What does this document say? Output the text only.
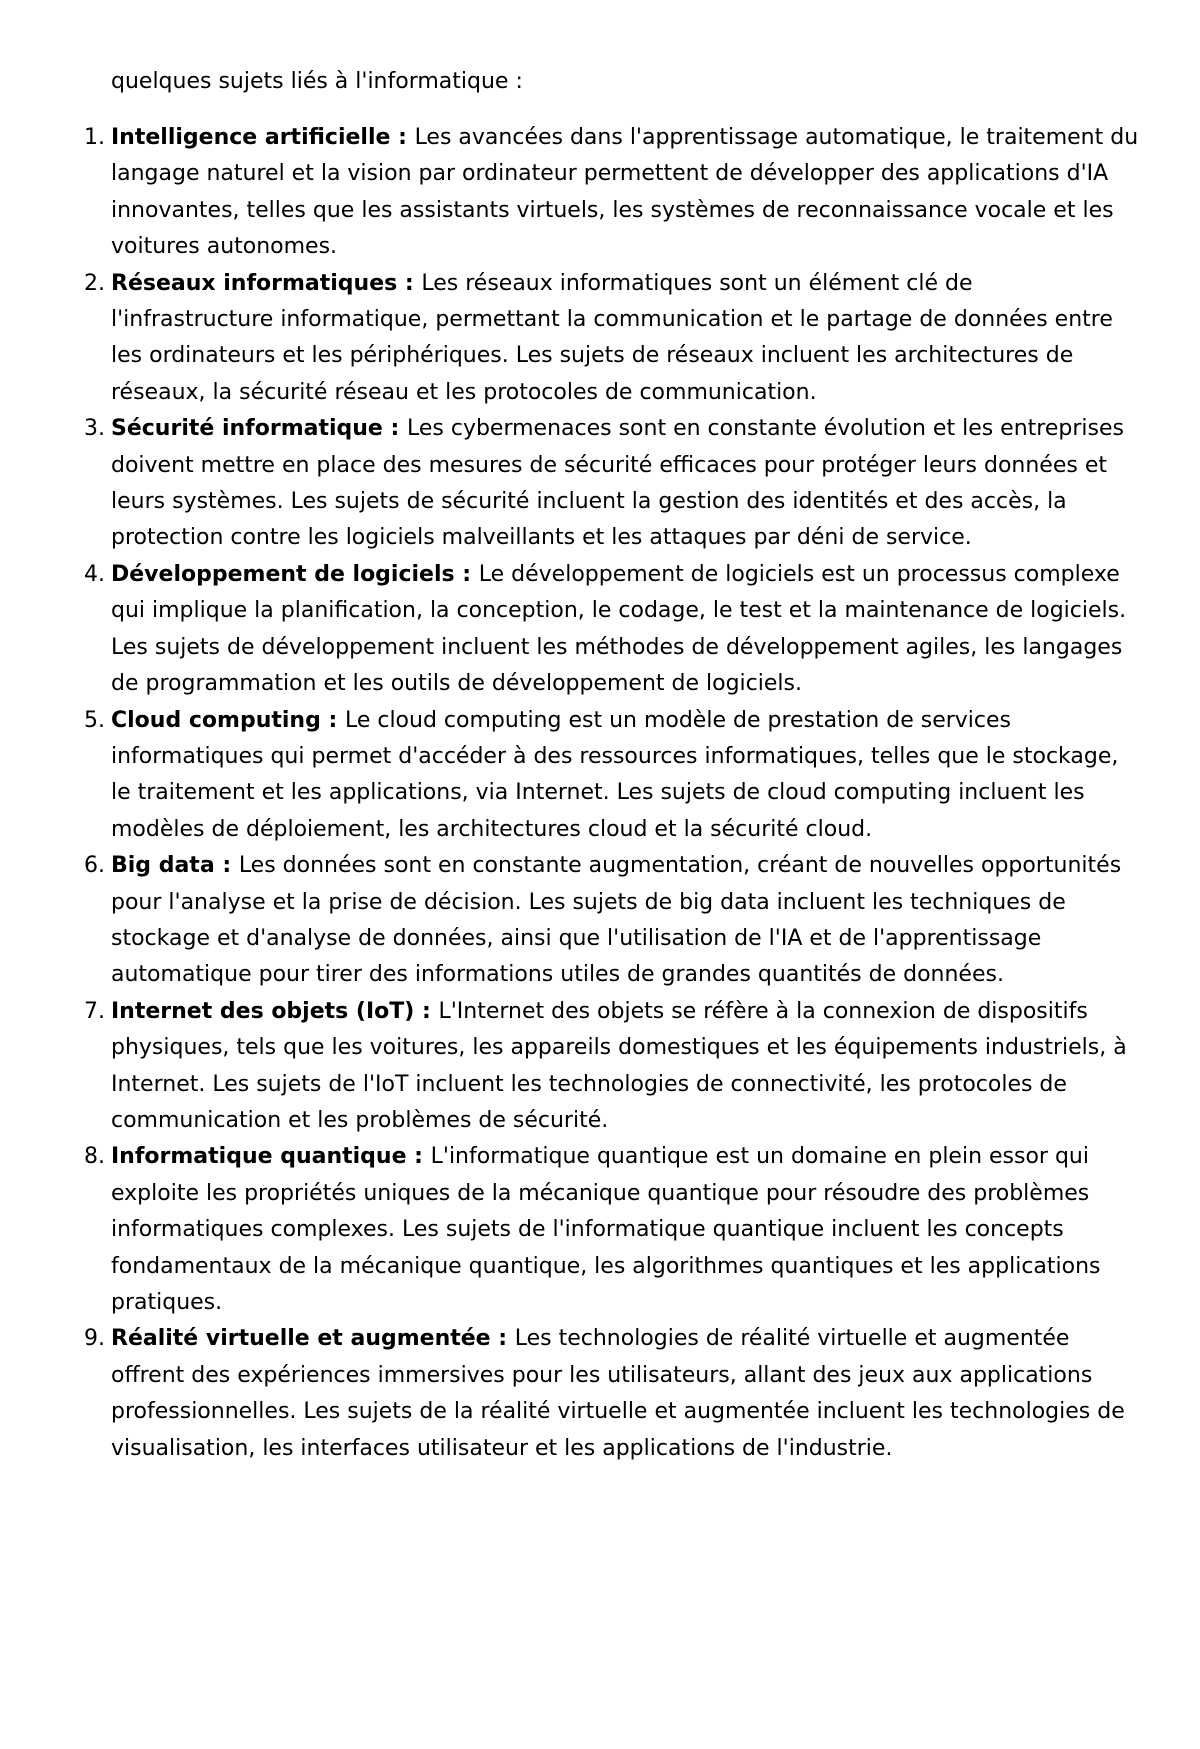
quelques sujets liés à l'informatique :

1. Intelligence artificielle : Les avancées dans l'apprentissage automatique, le traitement du langage naturel et la vision par ordinateur permettent de développer des applications d'IA innovantes, telles que les assistants virtuels, les systèmes de reconnaissance vocale et les voitures autonomes.
2. Réseaux informatiques : Les réseaux informatiques sont un élément clé de l'infrastructure informatique, permettant la communication et le partage de données entre les ordinateurs et les périphériques. Les sujets de réseaux incluent les architectures de réseaux, la sécurité réseau et les protocoles de communication.
3. Sécurité informatique : Les cybermenaces sont en constante évolution et les entreprises doivent mettre en place des mesures de sécurité efficaces pour protéger leurs données et leurs systèmes. Les sujets de sécurité incluent la gestion des identités et des accès, la protection contre les logiciels malveillants et les attaques par déni de service.
4. Développement de logiciels : Le développement de logiciels est un processus complexe qui implique la planification, la conception, le codage, le test et la maintenance de logiciels. Les sujets de développement incluent les méthodes de développement agiles, les langages de programmation et les outils de développement de logiciels.
5. Cloud computing : Le cloud computing est un modèle de prestation de services informatiques qui permet d'accéder à des ressources informatiques, telles que le stockage, le traitement et les applications, via Internet. Les sujets de cloud computing incluent les modèles de déploiement, les architectures cloud et la sécurité cloud.
6. Big data : Les données sont en constante augmentation, créant de nouvelles opportunités pour l'analyse et la prise de décision. Les sujets de big data incluent les techniques de stockage et d'analyse de données, ainsi que l'utilisation de l'IA et de l'apprentissage automatique pour tirer des informations utiles de grandes quantités de données.
7. Internet des objets (IoT) : L'Internet des objets se réfère à la connexion de dispositifs physiques, tels que les voitures, les appareils domestiques et les équipements industriels, à Internet. Les sujets de l'IoT incluent les technologies de connectivité, les protocoles de communication et les problèmes de sécurité.
8. Informatique quantique : L'informatique quantique est un domaine en plein essor qui exploite les propriétés uniques de la mécanique quantique pour résoudre des problèmes informatiques complexes. Les sujets de l'informatique quantique incluent les concepts fondamentaux de la mécanique quantique, les algorithmes quantiques et les applications pratiques.
9. Réalité virtuelle et augmentée : Les technologies de réalité virtuelle et augmentée offrent des expériences immersives pour les utilisateurs, allant des jeux aux applications professionnelles. Les sujets de la réalité virtuelle et augmentée incluent les technologies de visualisation, les interfaces utilisateur et les applications de l'industrie.
